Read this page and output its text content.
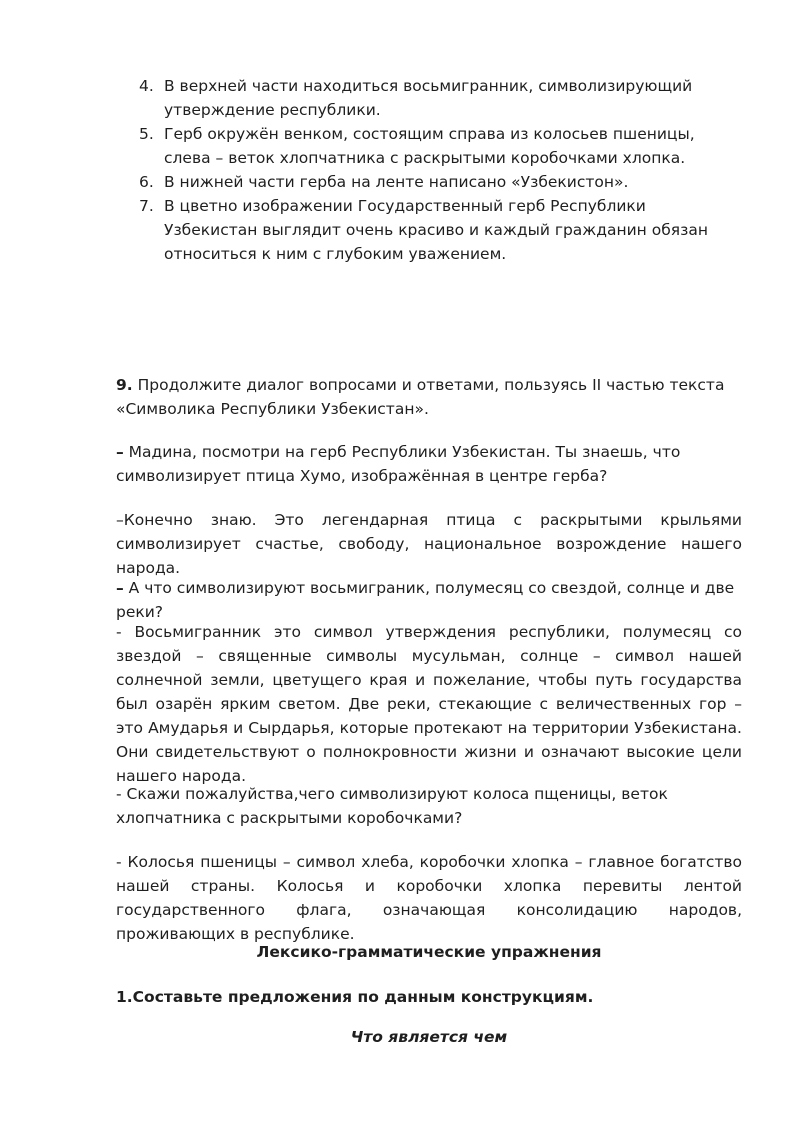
4. В верхней части находиться восьмигранник, символизирующий утверждение республики.
5. Герб окружён венком, состоящим справа из колосьев пшеницы, слева – веток хлопчатника с раскрытыми коробочками хлопка.
6. В нижней части герба на ленте написано «Узбекистон».
7. В цветно изображении Государственный герб Республики Узбекистан выглядит очень красиво и каждый гражданин обязан относиться к ним с глубоким уважением.

9. Продолжите диалог вопросами и ответами, пользуясь II частью текста «Символика Республики Узбекистан».

– Мадина, посмотри на герб Республики Узбекистан. Ты знаешь, что символизирует птица Хумо, изображённая в центре герба?

–Конечно знаю. Это легендарная птица с раскрытыми крыльями символизирует счастье, свободу, национальное возрождение нашего народа.

– А что символизируют восьмиграник, полумесяц со свездой, солнце и две реки?

- Восьмигранник это символ утверждения республики, полумесяц со звездой – священные символы мусульман, солнце – символ нашей солнечной земли, цветущего края и пожелание, чтобы путь государства был озарён ярким светом. Две реки, стекающие с величественных гор – это Амударья и Сырдарья, которые протекают на территории Узбекистана. Они свидетельствуют о полнокровности жизни и означают высокие цели нашего народа.

- Скажи пожалуйства,чего символизируют колоса пщеницы, веток хлопчатника с раскрытыми коробочками?

- Колосья пшеницы – символ хлеба, коробочки хлопка – главное богатство нашей страны. Колосья и коробочки хлопка перевиты лентой государственного флага, означающая консолидацию народов, проживающих в республике.

Лексико-грамматические упражнения

1.Составьте предложения по данным конструкциям.

Что является чем
